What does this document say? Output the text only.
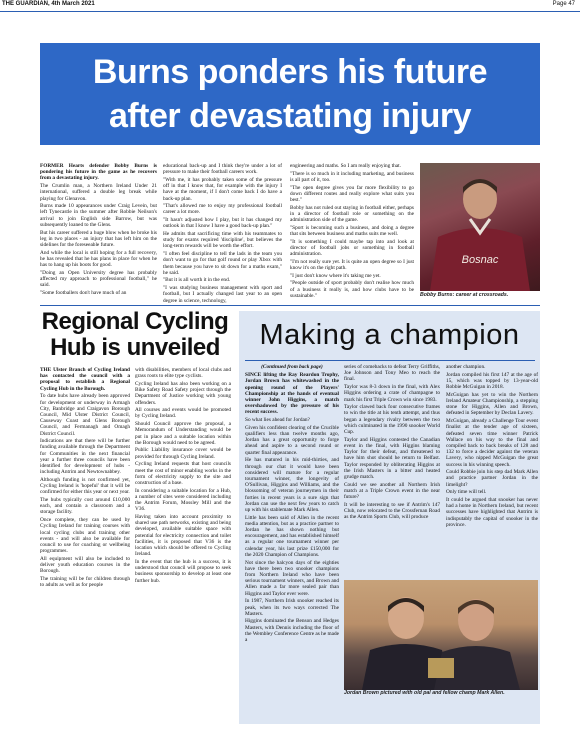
THE GUARDIAN, 4th March 2021	Page 47
Burns ponders his future
after devastating injury

FORMER Hearts defender Bobby Burns is pondering his future in the game as he recovers from a devastating injury.

The Crumlin man, a Northern Ireland Under 21 international, suffered a double leg break while playing for Glenavon.

Burns made 10 appearances under Craig Levein, but left Tynecastle in the summer after Robbie Neilson's arrival to join English side Barrow, but was subsequently loaned to the Glens.

But his career suffered a huge blow when he broke his leg in two places - an injury that has left him on the sidelines for the foreseeable future.

And while the local is still hoping for a full recovery, he has revealed that he has plans in place for when he has to hang up his boots for good.

"Doing an Open University degree has probably affected my approach to professional football," he said.

"Some footballers don't have much of an

educational back-up and I think they're under a lot of pressure to make their football careers work.

"With me, it has probably taken some of the pressure off in that I know that, for example with the injury I have at the moment, if I don't come back I do have a back-up plan.

"That's allowed me to enjoy my professional football career a lot more.

"It hasn't adjusted how I play, but it has changed my outlook in that I know I have a good back-up plan."

He admits that sacrificing time with his teammates to study for exams required 'discipline', but believes the long-term rewards will be worth the effort.

"I often feel discipline to tell the lads in the team you don't want to go for that golf round or play Xbox with them because you have to sit down for a maths exam," he said.

"But it is all worth it in the end.

"I was studying business management with sport and football, but I actually changed last year to an open degree in science, technology,

engineering and maths. So I am really enjoying that.

"There is so much in it including marketing, and business is all part of it, too.

"The open degree gives you far more flexibility to go down different routes and really explore what suits you best."

Bobby has not ruled out staying in football either, perhaps in a director of football role or something on the administration side of the game.

"Sport is becoming such a business, and doing a degree that sits between business and maths suits me well.

"It is something I could maybe tap into and look at director of football jobs or something in football administration.

"I'm not really sure yet. It is quite an open degree so I just know it's on the right path.

"I just don't know where it's taking me yet.

"People outside of sport probably don't realise how much of a business it really is, and how clubs have to be sustainable."

Bosnac
Bobby Burns: career at crossroads.
Regional Cycling
Hub is unveiled

THE Ulster Branch of Cycling Ireland has contacted the council with a proposal to establish a Regional Cycling Hub in the Borough.

To date hubs have already been approved for development or underway in Armagh City, Banbridge and Craigavon Borough Council, Mid Ulster District Council, Causeway Coast and Glens Borough Council, and Fermanagh and Omagh District Council.

Indications are that there will be further funding available through the Department for Communities in the next financial year a further three councils have been identified for development of hubs - including Antrim and Newtownabbey.

Although funding is not confirmed yet, Cycling Ireland is 'hopeful' that it will be confirmed for either this year or next year.

The hubs typically cost around £10,000 each, and contain a classroom and a storage facility.

Once complete, they can be used by Cycling Ireland for training courses with local cycling clubs and training other events - and will also be available for council to use for coaching or wellbeing programmes.

All equipment will also be included to deliver youth education courses in the Borough.

The training will be for children through to adults as well as for people

with disabilities, members of local clubs and grass roots to elite type cyclists.

Cycling Ireland has also been working on a Bike Safety Road Safety project through the Department of Justice working with young offenders.

All courses and events would be promoted by Cycling Ireland.

Should Council approve the proposal, a Memorandum of Understanding would be put in place and a suitable location within the Borough would need to be agreed.

Public Liability insurance cover would be provided for through Cycling Ireland.

Cycling Ireland requests that host councils meet the cost of minor enabling works in the form of electricity supply to the site and construction of a base.

In considering a suitable location for a Hub, a number of sites were considered including the Antrim Forum, Mossley Mill and the V36.

Having taken into account proximity to shared use path networks, existing and being developed, available suitable space with potential for electricity connection and toilet facilities, it is proposed that V36 is the location which should be offered to Cycling Ireland.

In the event that the hub is a success, it is understood that council will propose to seek business sponsorship to develop at least one further hub.

Making a champion
(Continued from back page)

SINCE lifting the Ray Reardon Trophy, Jordan Brown has whitewashed in the opening round of the Players' Championship at the hands of eventual winner John Higgins, a match overshadowed by the pressure of his recent success.

So what lies ahead for Jordan?

Given his confident clearing of the Crucible qualifiers less than twelve months ago, Jordan has a great opportunity to forge ahead and aspire to a second round or quarter final appearance.

He has matured in his mid-thirties, and through our chat it would have been considered will mature for a regular tournament winner, the longevity of O'Sullivan, Higgins and Williams, and the blossoming of veteran journeymen in their forties in recent years is a sure sign that Jordan can use the next few years to catch up with his stablemate Mark Allen.

Little has been said of Allen in the recent media attention, but as a practice partner to Jordan he has shown nothing but encouragement, and has established himself as a regular one tournament winner per calendar year, his last prize £150,000 for the 2020 Champion of Champions.

Not since the halcyon days of the eighties have there been two snooker champions from Northern Ireland who have been serious tournament winners, and Brown and Allen made a far more sealed pair than Higgins and Taylor ever were.

In 1987, Northern Irish snooker reached its peak, when its two ways corrected The Masters.

Higgins dominated the Benson and Hedges Masters, with Dennis including the floor of the Wembley Conference Centre as he made a

series of comebacks to defeat Terry Griffiths, Joe Johnson and Tony Meo to reach the final.

Taylor was 8-3 down in the final, with Alex Higgins ordering a crate of champagne to mark his first Triple Crown win since 1983.

Taylor clawed back four consecutive frames to win the title at his tenth attempt, and thus began a legendary rivalry between the two which culminated in the 1990 snooker World Cup.

Taylor and Higgins contested the Canadian event in the final, with Higgins blaming Taylor for their defeat, and threatened to have him shot should he return to Belfast. Taylor responded by obliterating Higgins at the Irish Masters in a bitter and heated grudge match.

Could we see another all Northern Irish match at a Triple Crown event in the near future?

It will be interesting to see if Antrim's 147 Club, now relocated to the Crossfernan Road as the Antrim Sports Club, will produce

another champion.

Jordan compiled his first 147 at the age of 15, which was topped by 13-year-old Robbie McGuigan in 2018.

McGuigan has yet to win the Northern Ireland Amateur Championship, a stepping stone for Higgins, Allen and Brown, defeated in September by Declan Lavery.

McGuigan, already a Challenge Tour event finalist at the tender age of sixteen, defeated seven time winner Patrick Wallace on his way to the final and compiled back to back breaks of 128 and 132 to force a decider against the veteran Lavery, who nipped McGuigan the great success in his winning speech.

Could Robbie join his step dad Mark Allen and practice partner Jordan in the limelight?

Only time will tell.

It could be argued that snooker has never had a home in Northern Ireland, but recent successes have highlighted that Antrim is indisputably the capital of snooker in the province.

Jordan Brown pictured with old pal and fellow champ Mark Allen.
